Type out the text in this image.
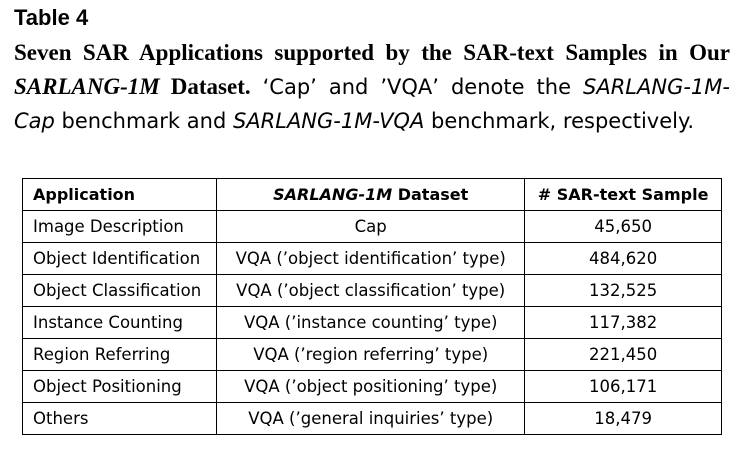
Table 4

Seven SAR Applications supported by the SAR-text Samples in Our SARLANG-1M Dataset. ‘Cap’ and ’VQA’ denote the SARLANG-1M-Cap benchmark and SARLANG-1M-VQA benchmark, respectively.

Application	SARLANG-1M Dataset	# SAR-text Sample
Image Description	Cap	45,650
Object Identification	VQA (’object identification’ type)	484,620
Object Classification	VQA (’object classification’ type)	132,525
Instance Counting	VQA (’instance counting’ type)	117,382
Region Referring	VQA (’region referring’ type)	221,450
Object Positioning	VQA (’object positioning’ type)	106,171
Others	VQA (’general inquiries’ type)	18,479
